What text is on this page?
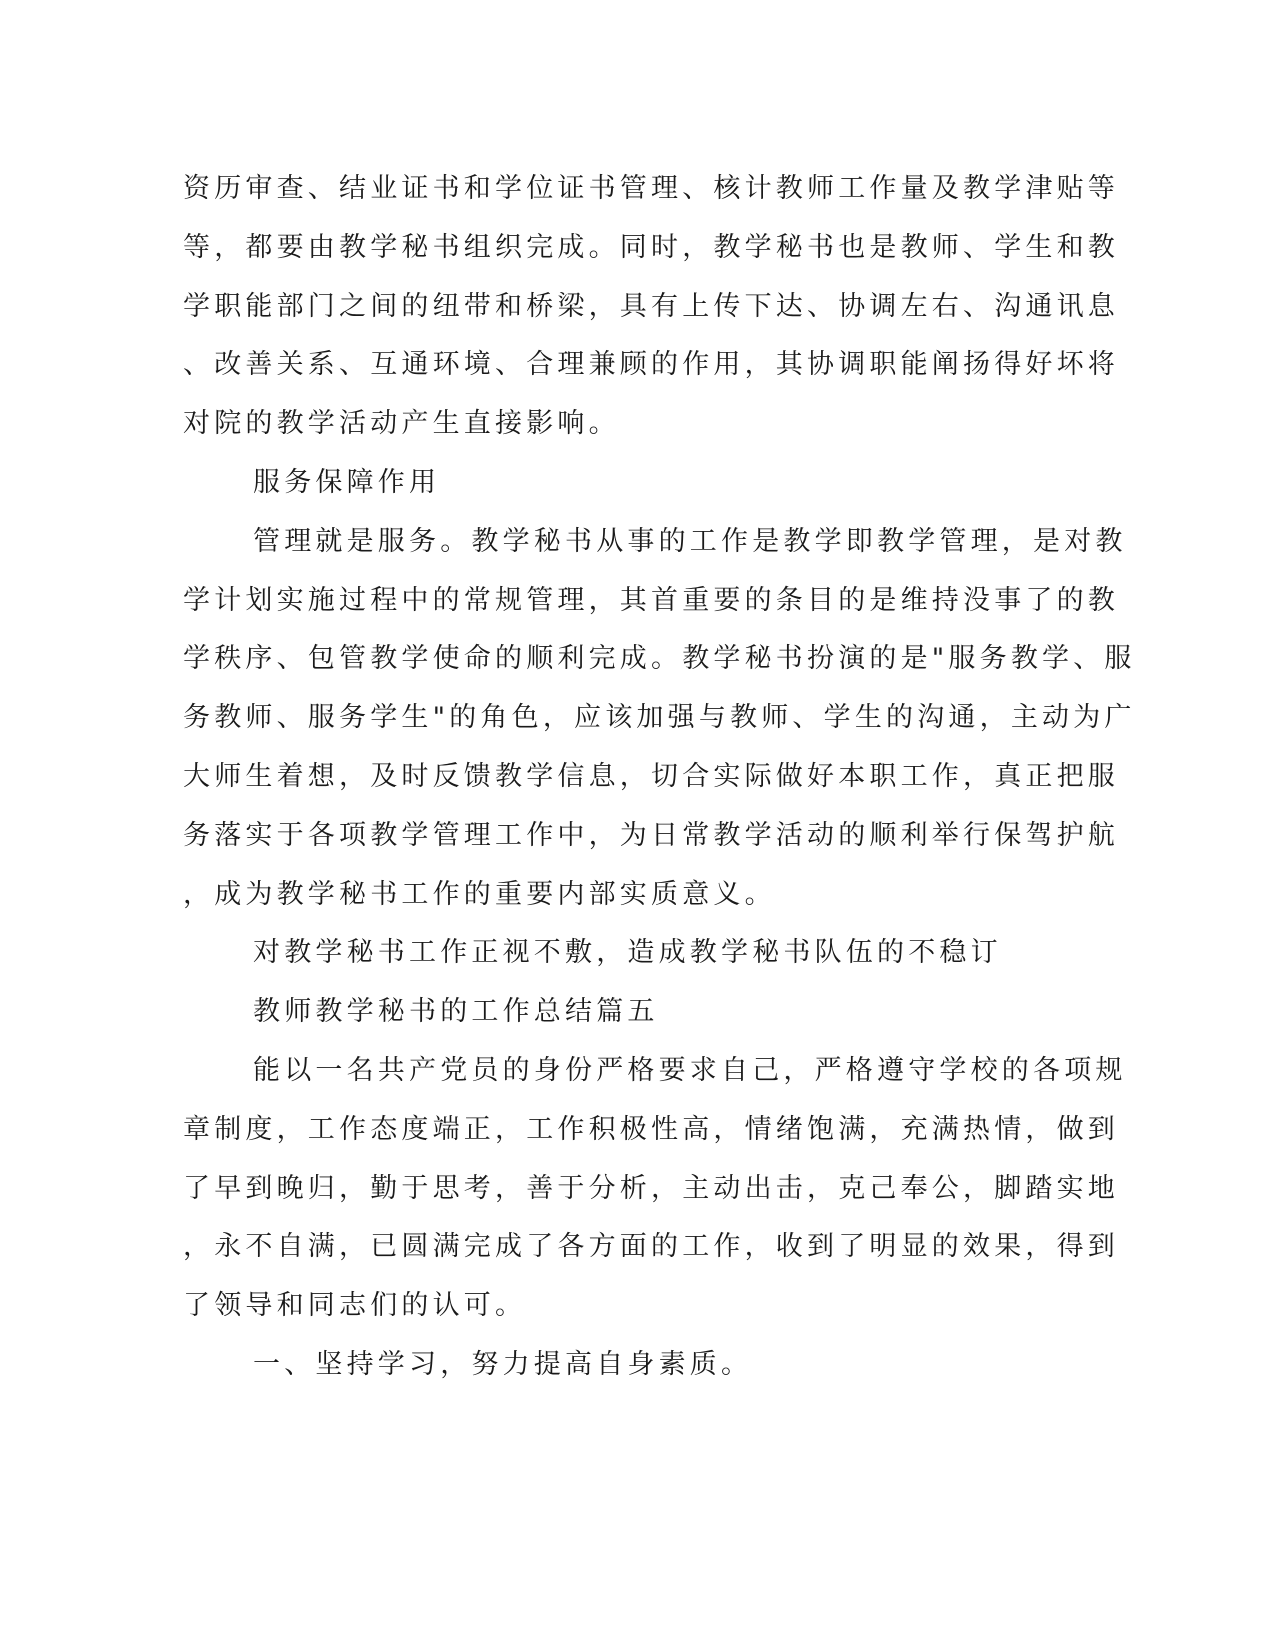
资历审查、结业证书和学位证书管理、核计教师工作量及教学津贴等
等，都要由教学秘书组织完成。同时，教学秘书也是教师、学生和教
学职能部门之间的纽带和桥梁，具有上传下达、协调左右、沟通讯息
、改善关系、互通环境、合理兼顾的作用，其协调职能阐扬得好坏将
对院的教学活动产生直接影响。
服务保障作用
管理就是服务。教学秘书从事的工作是教学即教学管理，是对教
学计划实施过程中的常规管理，其首重要的条目的是维持没事了的教
学秩序、包管教学使命的顺利完成。教学秘书扮演的是"服务教学、服
务教师、服务学生"的角色，应该加强与教师、学生的沟通，主动为广
大师生着想，及时反馈教学信息，切合实际做好本职工作，真正把服
务落实于各项教学管理工作中，为日常教学活动的顺利举行保驾护航
，成为教学秘书工作的重要内部实质意义。
对教学秘书工作正视不敷，造成教学秘书队伍的不稳订
教师教学秘书的工作总结篇五
能以一名共产党员的身份严格要求自己，严格遵守学校的各项规
章制度，工作态度端正，工作积极性高，情绪饱满，充满热情，做到
了早到晚归，勤于思考，善于分析，主动出击，克己奉公，脚踏实地
，永不自满，已圆满完成了各方面的工作，收到了明显的效果，得到
了领导和同志们的认可。
一、坚持学习，努力提高自身素质。
